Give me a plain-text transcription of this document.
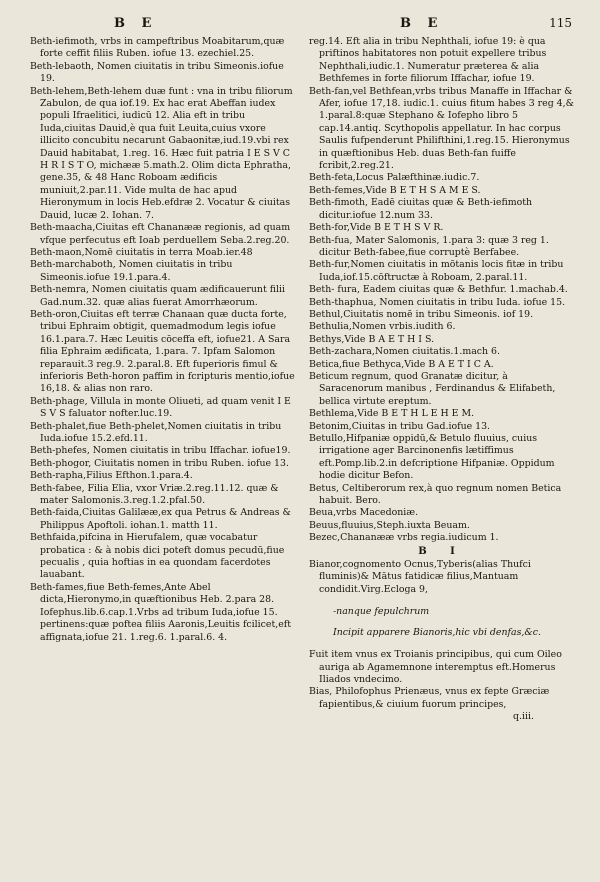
B E	B E	115

Beth-iefimoth, vrbs in campeftribus Moabitarum,quæ forte ceffit filiis Ruben. iofue 13. ezechiel.25.

Beth-lebaoth, Nomen ciuitatis in tribu Simeonis.iofue 19.

Beth-lehem,Beth-lehem duæ funt : vna in tribu filiorum Zabulon, de qua iof.19. Ex hac erat Abeffan iudex populi Ifraelitici, iudicū 12. Alia eft in tribu Iuda,ciuitas Dauid,è qua fuit Leuita,cuius vxore illicito concubitu necarunt Gabaonitæ,iud.19.vbi rex Dauid habitabat, 1.reg. 16. Hæc fuit patria I E S V C H R I S T O, michææ 5.math.2. Olim dicta Ephratha, gene.35, & 48 Hanc Roboam ædificis muniuit,2.par.11. Vide multa de hac apud Hieronymum in locis Heb.efdræ 2. Vocatur & ciuitas Dauid, lucæ 2. Iohan. 7.

Beth-maacha,Ciuitas eft Chananææ regionis, ad quam vfque perfecutus eft Ioab perduellem Seba.2.reg.20.

Beth-maon,Nomē ciuitatis in terra Moab.ier.48

Beth-marchaboth, Nomen ciuitatis in tribu Simeonis.iofue 19.1.para.4.

Beth-nemra, Nomen ciuitatis quam ædificauerunt filii Gad.num.32. quæ alias fuerat Amorrhæorum.

Beth-oron,Ciuitas eft terræ Chanaan quæ ducta forte, tribui Ephraim obtigit, quemadmodum legis iofue 16.1.para.7. Hæc Leuitis cōceffa eft, iofue21. A Sara filia Ephraim ædificata, 1.para. 7. Ipfam Salomon reparauit.3 reg.9. 2.paral.8. Eft fuperioris fimul & inferioris Beth-horon paffim in fcripturis mentio,iofue 16,18. & alias non raro.

Beth-phage, Villula in monte Oliueti, ad quam venit I E S V S faluator nofter.luc.19.

Beth-phalet,fiue Beth-phelet,Nomen ciuitatis in tribu Iuda.iofue 15.2.efd.11.

Beth-phefes, Nomen ciuitatis in tribu Iffachar. iofue19.

Beth-phogor, Ciuitatis nomen in tribu Ruben. iofue 13.

Beth-rapha,Filius Efthon.1.para.4.

Beth-fabee, Filia Elia, vxor Vriæ.2.reg.11.12. quæ & mater Salomonis.3.reg.1.2.pfal.50.

Beth-faida,Ciuitas Galilææ,ex qua Petrus & Andreas & Philippus Apoftoli. iohan.1. matth 11.

Bethfaida,pifcina in Hierufalem, quæ vocabatur probatica : & à nobis dici poteft domus pecudū,fiue pecualis , quia hoftias in ea quondam facerdotes lauabant.

Beth-fames,fiue Beth-femes,Ante Abel dicta,Hieronymo,in quæftionibus Heb. 2.para 28. Iofephus.lib.6.cap.1.Vrbs ad tribum Iuda,iofue 15. pertinens:quæ poftea filiis Aaronis,Leuitis fcilicet,eft affignata,iofue 21. 1.reg.6. 1.paral.6. 4.

reg.14. Eft alia in tribu Nephthali, iofue 19: è qua priftinos habitatores non potuit expellere tribus Nephthali,iudic.1. Numeratur præterea & alia Bethfemes in forte filiorum Iffachar, iofue 19.

Beth-fan,vel Bethfean,vrbs tribus Manaffe in Iffachar & Afer, iofue 17,18. iudic.1. cuius fitum habes 3 reg 4,& 1.paral.8:quæ Stephano & Iofepho libro 5 cap.14.antiq. Scythopolis appellatur. In hac corpus Saulis fufpenderunt Philifthini,1.reg.15. Hieronymus in quæftionibus Heb. duas Beth-fan fuiffe fcribit,2.reg.21.

Beth-feta,Locus Palæfthinæ.iudic.7.

Beth-femes,Vide B E T H S A M E S.

Beth-fimoth, Eadē ciuitas quæ & Beth-iefimoth dicitur.iofue 12.num 33.

Beth-for,Vide B E T H S V R.

Beth-fua, Mater Salomonis, 1.para 3: quæ 3 reg 1. dicitur Beth-fabee,fiue corruptè Berfabee.

Beth-fur,Nomen ciuitatis in mōtanis locis fitæ in tribu Iuda,iof.15.cōftructæ à Roboam, 2.paral.11.

Beth- fura, Eadem ciuitas quæ & Bethfur. 1.machab.4.

Beth-thaphua, Nomen ciuitatis in tribu Iuda. iofue 15.

Bethul,Ciuitatis nomē in tribu Simeonis. iof 19.

Bethulia,Nomen vrbis.iudith 6.

Bethys,Vide B A E T H I S.

Beth-zachara,Nomen ciuitatis.1.mach 6.

Betica,fiue Bethyca,Vide B A E T I C A.

Beticum regnum, quod Granatæ dicitur, à Saracenorum manibus , Ferdinandus & Elifabeth, bellica virtute ereptum.

Bethlema,Vide B E T H L E H E M.

Betonim,Ciuitas in tribu Gad.iofue 13.

Betullo,Hifpaniæ oppidū,& Betulo fluuius, cuius irrigatione ager Barcinonenfis lætiffimus eft.Pomp.lib.2.in defcriptione Hifpaniæ. Oppidum hodie dicitur Befon.

Betus, Celtiberorum rex,à quo regnum nomen Betica habuit. Bero.

Beua,vrbs Macedoniæ.

Beuus,fluuius,Steph.iuxta Beuam.

Bezec,Chananææ vrbs regia.iudicum 1.

B I

Bianor,cognomento Ocnus,Tyberis(alias Thufci fluminis)& Mātus fatidicæ filius,Mantuam condidit.Virg.Ecloga 9,

-nanque fepulchrum

Incipit apparere Bianoris,hic vbi denfas,&c.

Fuit item vnus ex Troianis principibus, qui cum Oileo auriga ab Agamemnone interemptus eft.Homerus Iliados vndecimo.

Bias, Philofophus Prienæus, vnus ex fepte Græciæ fapientibus,& ciuium fuorum principes,

q.iii.
